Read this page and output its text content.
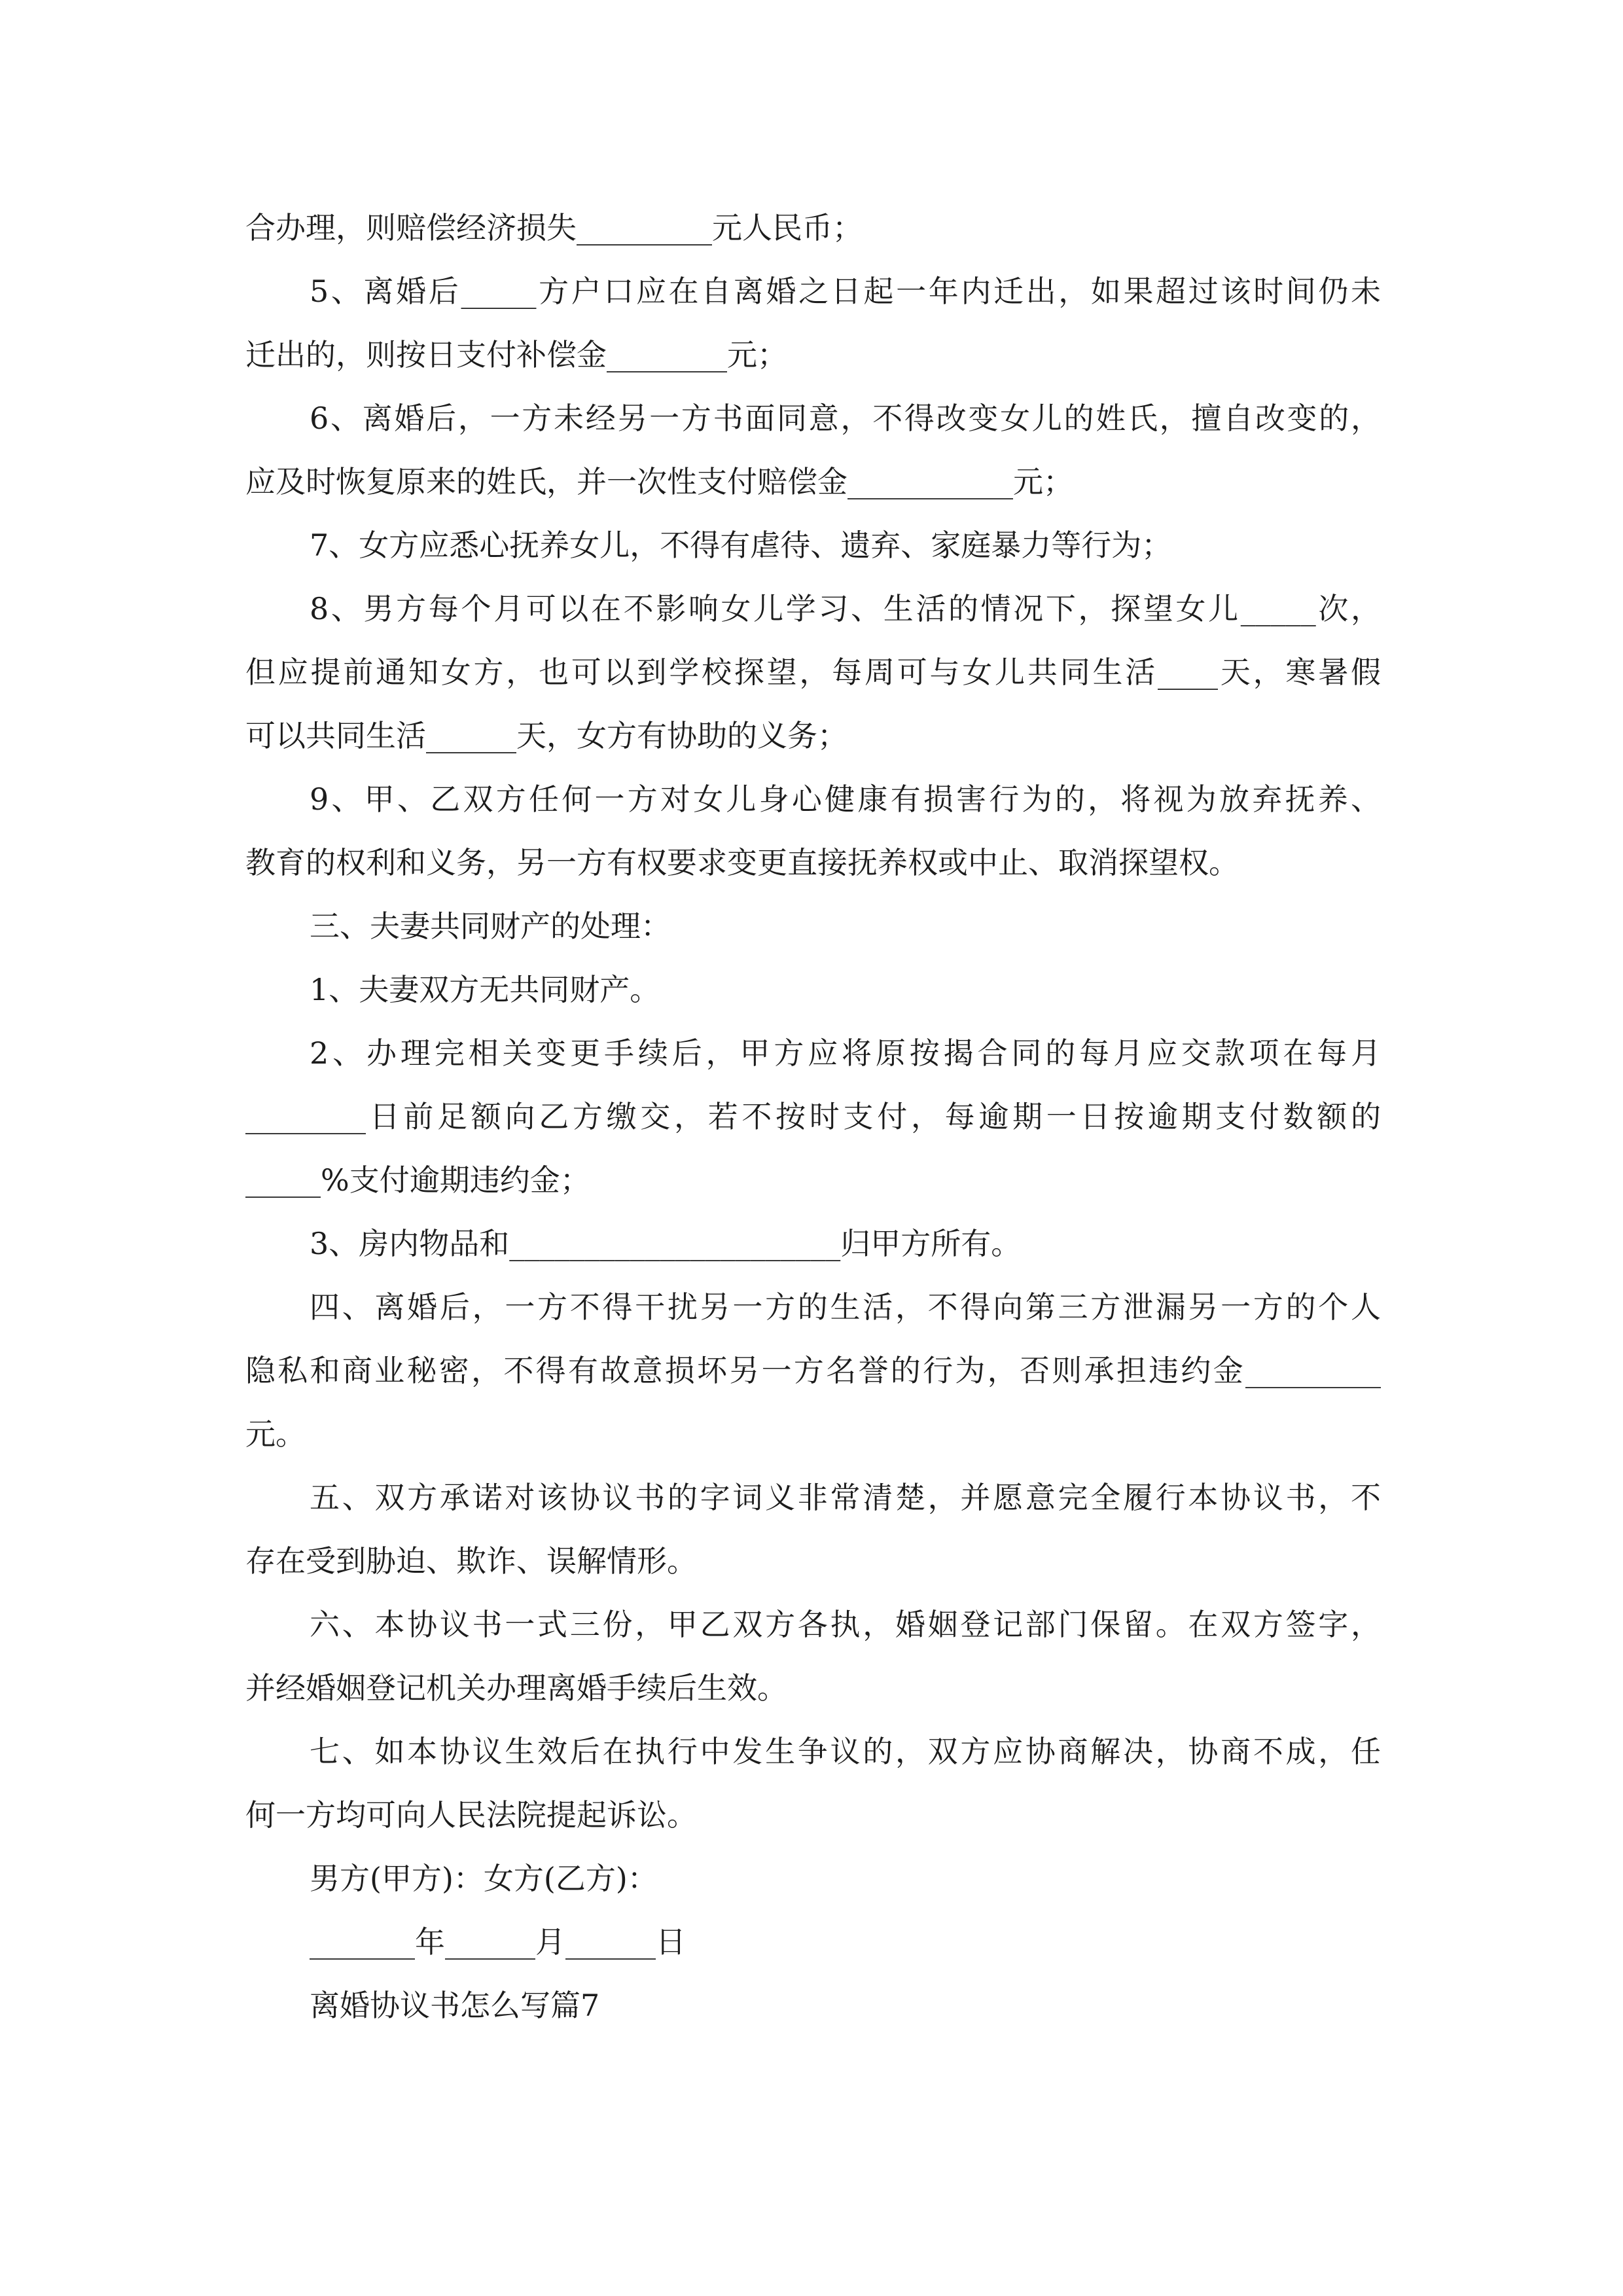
合办理，则赔偿经济损失_________元人民币；
5、离婚后_____方户口应在自离婚之日起一年内迁出，如果超过该时间仍未
迁出的，则按日支付补偿金________元；
6、离婚后，一方未经另一方书面同意，不得改变女儿的姓氏，擅自改变的，
应及时恢复原来的姓氏，并一次性支付赔偿金___________元；
7、女方应悉心抚养女儿，不得有虐待、遗弃、家庭暴力等行为；
8、男方每个月可以在不影响女儿学习、生活的情况下，探望女儿_____次，
但应提前通知女方，也可以到学校探望，每周可与女儿共同生活____天，寒暑假
可以共同生活______天，女方有协助的义务；
9、甲、乙双方任何一方对女儿身心健康有损害行为的，将视为放弃抚养、
教育的权利和义务，另一方有权要求变更直接抚养权或中止、取消探望权。
三、夫妻共同财产的处理：
1、夫妻双方无共同财产。
2、办理完相关变更手续后，甲方应将原按揭合同的每月应交款项在每月
________日前足额向乙方缴交，若不按时支付，每逾期一日按逾期支付数额的
_____%支付逾期违约金；
3、房内物品和______________________归甲方所有。
四、离婚后，一方不得干扰另一方的生活，不得向第三方泄漏另一方的个人
隐私和商业秘密，不得有故意损坏另一方名誉的行为，否则承担违约金_________
元。
五、双方承诺对该协议书的字词义非常清楚，并愿意完全履行本协议书，不
存在受到胁迫、欺诈、误解情形。
六、本协议书一式三份，甲乙双方各执，婚姻登记部门保留。在双方签字，
并经婚姻登记机关办理离婚手续后生效。
七、如本协议生效后在执行中发生争议的，双方应协商解决，协商不成，任
何一方均可向人民法院提起诉讼。
男方(甲方)：女方(乙方)：
_______年______月______日
离婚协议书怎么写篇7
